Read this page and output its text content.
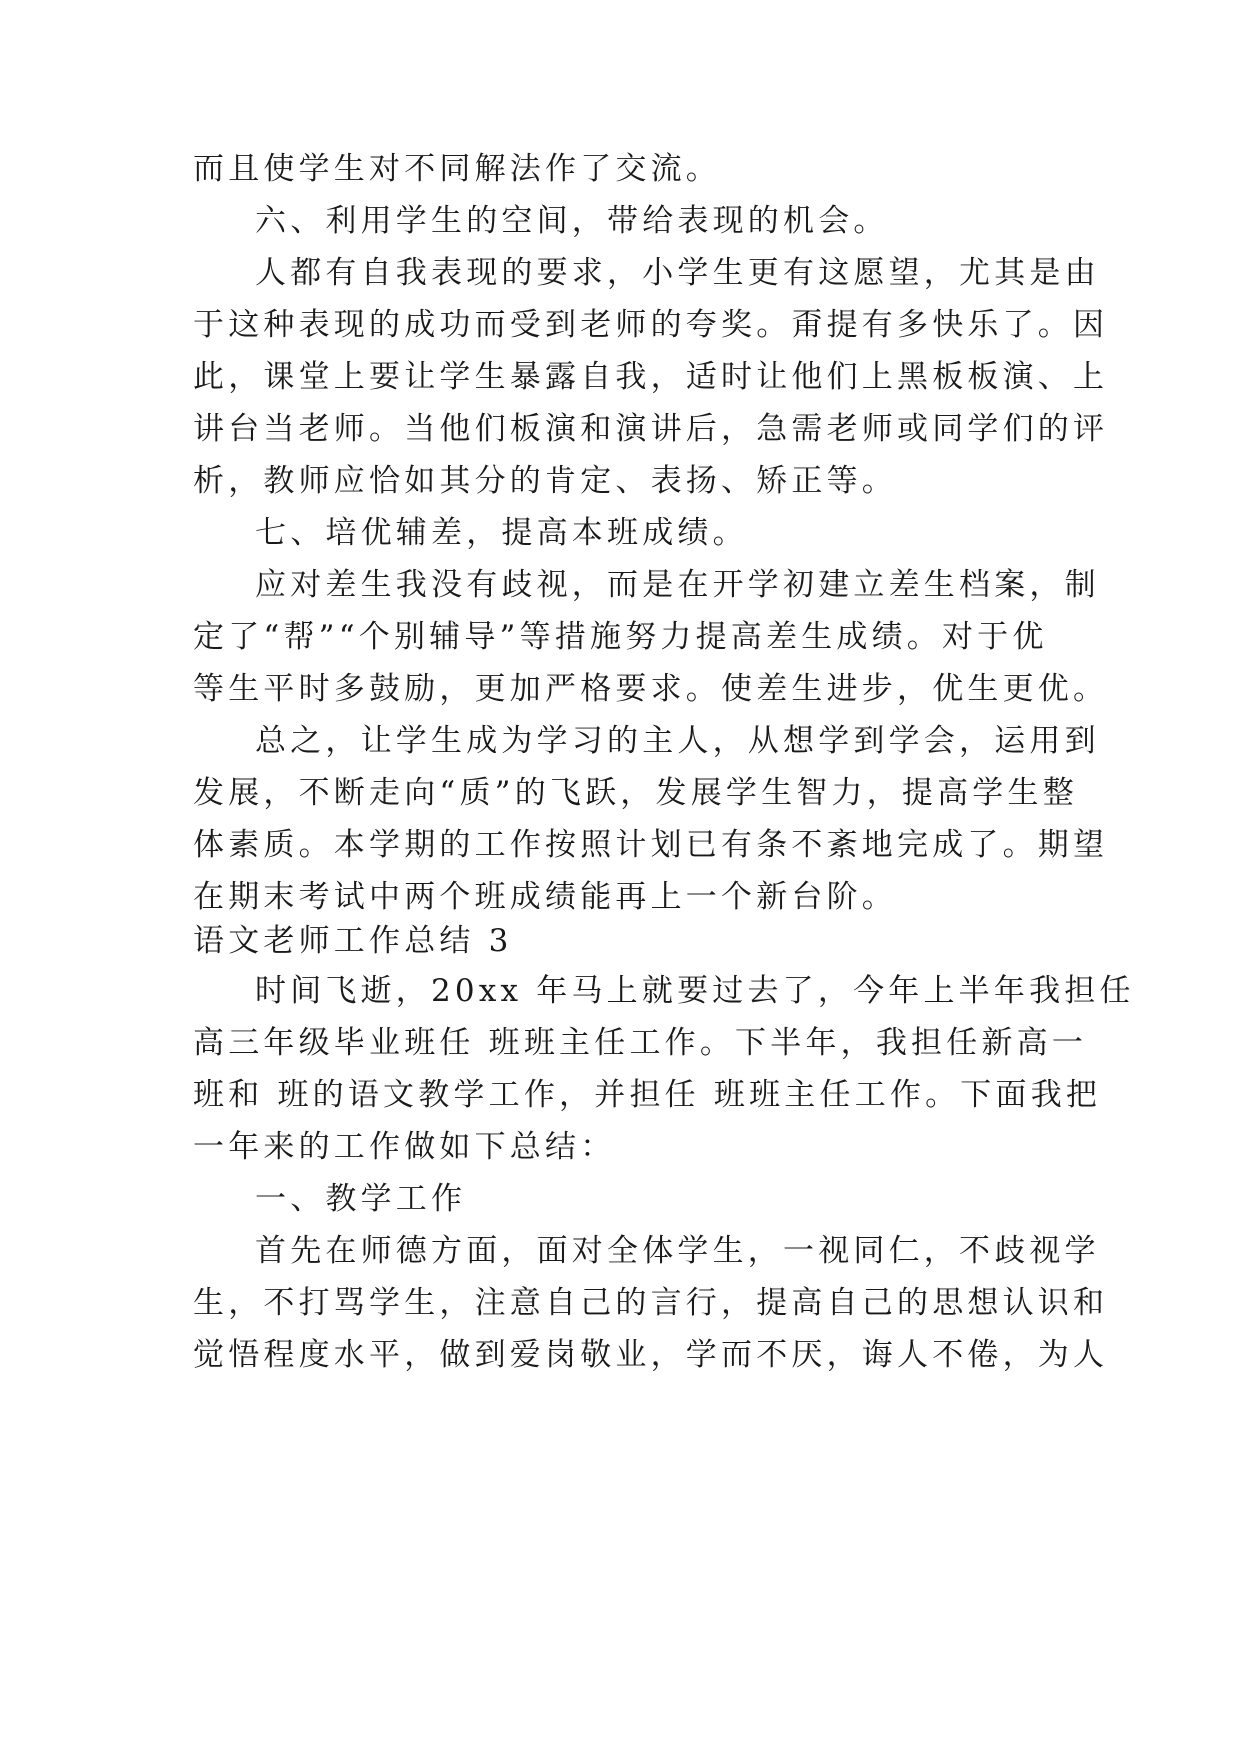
而且使学生对不同解法作了交流。
六、利用学生的空间，带给表现的机会。
人都有自我表现的要求，小学生更有这愿望，尤其是由
于这种表现的成功而受到老师的夸奖。甭提有多快乐了。因
此，课堂上要让学生暴露自我，适时让他们上黑板板演、上
讲台当老师。当他们板演和演讲后，急需老师或同学们的评
析，教师应恰如其分的肯定、表扬、矫正等。
七、培优辅差，提高本班成绩。
应对差生我没有歧视，而是在开学初建立差生档案，制
定了“帮”“个别辅导”等措施努力提高差生成绩。对于优
等生平时多鼓励，更加严格要求。使差生进步，优生更优。
总之，让学生成为学习的主人，从想学到学会，运用到
发展，不断走向“质”的飞跃，发展学生智力，提高学生整
体素质。本学期的工作按照计划已有条不紊地完成了。期望
在期末考试中两个班成绩能再上一个新台阶。
语文老师工作总结 3
时间飞逝，20xx 年马上就要过去了，今年上半年我担任
高三年级毕业班任 班班主任工作。下半年，我担任新高一
班和 班的语文教学工作，并担任 班班主任工作。下面我把
一年来的工作做如下总结：
一、教学工作
首先在师德方面，面对全体学生，一视同仁，不歧视学
生，不打骂学生，注意自己的言行，提高自己的思想认识和
觉悟程度水平，做到爱岗敬业，学而不厌，诲人不倦，为人
